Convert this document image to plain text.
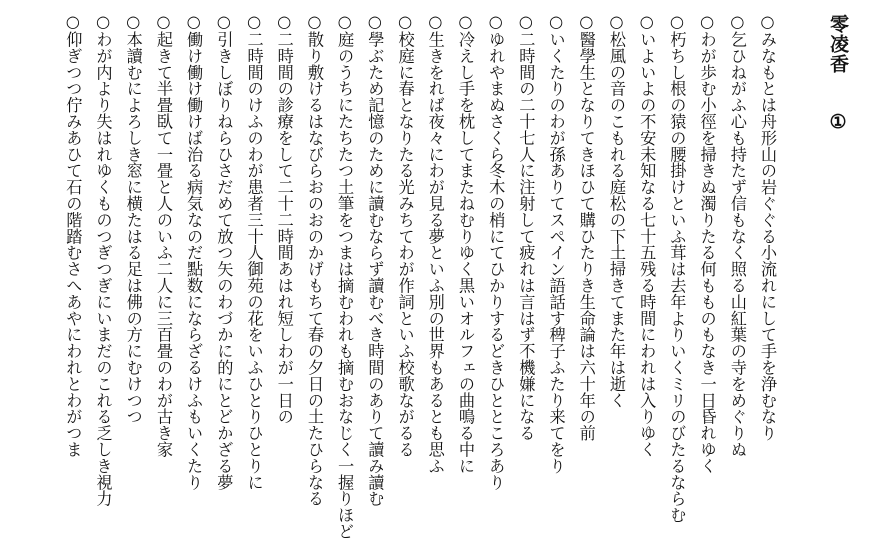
零凌香 ①
○みなもとは舟形山の岩ぐぐる小流れにして手を浄むなり
○乞ひねがふ心も持たず信もなく照る山紅葉の寺をめぐりぬ
○わが歩む小徑を掃きぬ濁りたる何もものもなき一日昏れゆく
○朽ちし根の猿の腰掛けといふ茸は去年よりいくミリのびたるならむ
○いよいよの不安未知なる七十五残る時間にわれは入りゆく
○松風の音のこもれる庭松の下土掃きてまた年は逝く
○醫學生となりてきほひて購ひたりき生命論は六十年の前
○いくたりのわが孫ありてスペイン語話す稗子ふたり来てをり
○二時間の二十七人に注射して疲れは言はず不機嫌になる
○ゆれやまぬさくら冬木の梢にてひかりするどきひとところあり
○冷えし手を枕してまたねむりゆく黒いオルフェの曲鳴る中に
○生きをれば夜々にわが見る夢といふ別の世界もあるとも思ふ
○校庭に春となりたる光みちてわが作詞といふ校歌ながるる
○學ぶため記憶のために讀むならず讀むべき時間のありて讀み讀む
○庭のうちにたちたつ土筆をつまは摘むわれも摘むおなじく一握りほど
○散り敷けるはなびらおのおのかげもちて春の夕日の土たひらなる
○二時間の診療をして二十二時間あはれ短しわが一日の
○二時間のけふのわが患者三十人御苑の花をいふひとりひとりに
○引きしぼりねらひさだめて放つ矢のわづかに的にとどかざる夢
○働け働け働けば治る病気なのだ點数にならざるけふもいくたり
○起きて半畳臥て一畳と人のいふ二人に三百畳のわが古き家
○本讀むによろしき窓に横たはる足は佛の方にむけつつ
○わが内より失はれゆくものつぎつぎにいまだのこれる乏しき視力
○仰ぎつつ佇みあひて石の階踏むさへあやにわれとわがつま
